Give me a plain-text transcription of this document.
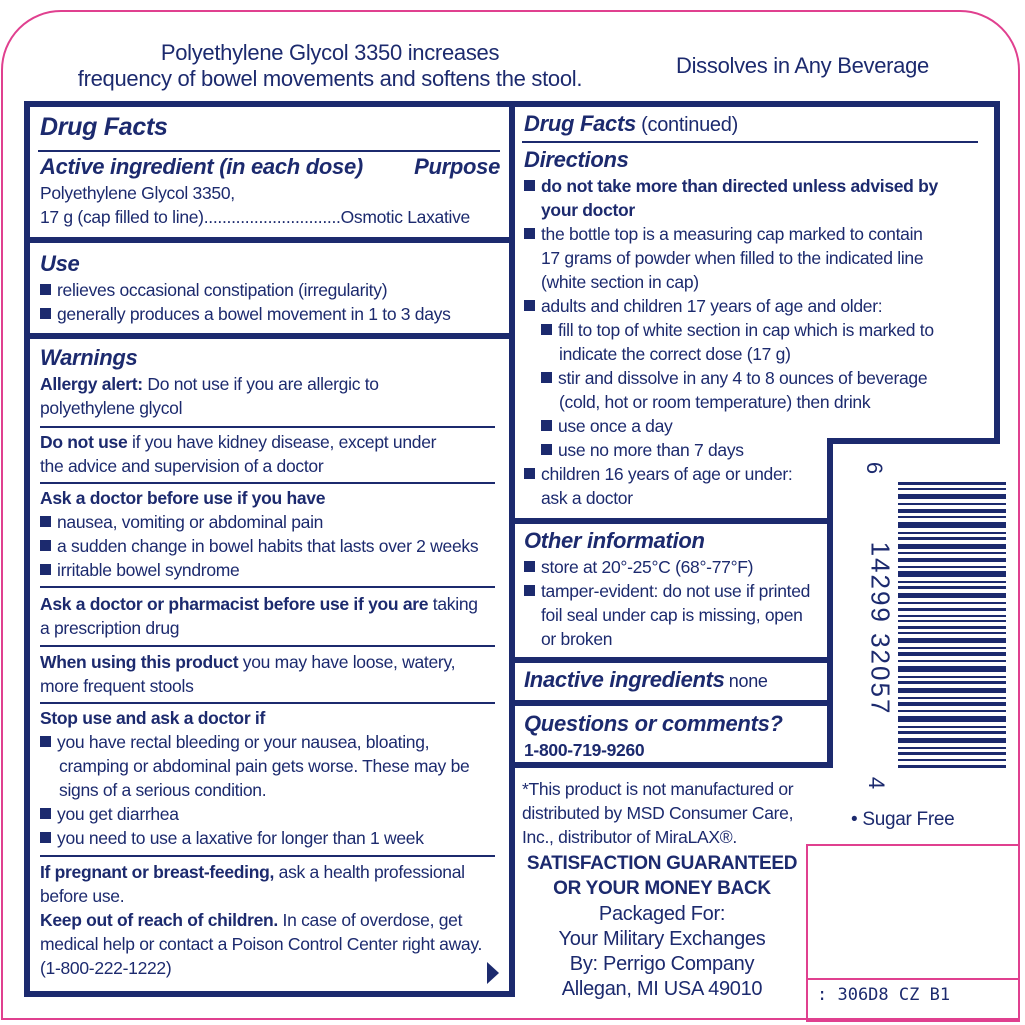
Polyethylene Glycol 3350 increases
frequency of bowel movements and softens the stool.
Dissolves in Any Beverage
Drug Facts
Active ingredient (in each dose)	Purpose
Polyethylene Glycol 3350,
17 g (cap filled to line)..............................Osmotic Laxative
Use
relieves occasional constipation (irregularity)
generally produces a bowel movement in 1 to 3 days
Warnings
Allergy alert: Do not use if you are allergic to
polyethylene glycol
Do not use if you have kidney disease, except under
the advice and supervision of a doctor
Ask a doctor before use if you have
nausea, vomiting or abdominal pain
a sudden change in bowel habits that lasts over 2 weeks
irritable bowel syndrome
Ask a doctor or pharmacist before use if you are taking
a prescription drug
When using this product you may have loose, watery,
more frequent stools
Stop use and ask a doctor if
you have rectal bleeding or your nausea, bloating,
cramping or abdominal pain gets worse. These may be
signs of a serious condition.
you get diarrhea
you need to use a laxative for longer than 1 week
If pregnant or breast-feeding, ask a health professional
before use.
Keep out of reach of children. In case of overdose, get
medical help or contact a Poison Control Center right away.
(1-800-222-1222)
Drug Facts (continued)
Directions
do not take more than directed unless advised by
your doctor
the bottle top is a measuring cap marked to contain
17 grams of powder when filled to the indicated line
(white section in cap)
adults and children 17 years of age and older:
fill to top of white section in cap which is marked to
indicate the correct dose (17 g)
stir and dissolve in any 4 to 8 ounces of beverage
(cold, hot or room temperature) then drink
use once a day
use no more than 7 days
children 16 years of age or under:
ask a doctor
Other information
store at 20°-25°C (68°-77°F)
tamper-evident: do not use if printed
foil seal under cap is missing, open
or broken
Inactive ingredients none
Questions or comments?
1-800-719-9260
*This product is not manufactured or
distributed by MSD Consumer Care,
Inc., distributor of MiraLAX®.
SATISFACTION GUARANTEED
OR YOUR MONEY BACK
Packaged For:
Your Military Exchanges
By: Perrigo Company
Allegan, MI USA 49010
6
14299 32057
4
• Sugar Free
: 306D8 CZ B1
